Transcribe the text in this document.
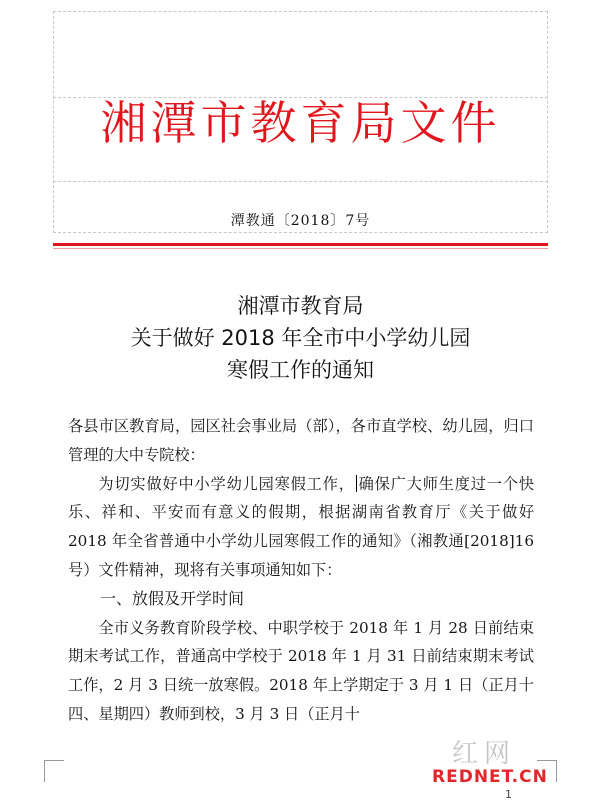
湘潭市教育局文件
潭教通〔2018〕7号
湘潭市教育局
关于做好 2018 年全市中小学幼儿园
寒假工作的通知

各县市区教育局，园区社会事业局（部），各市直学校、幼儿园，归口管理的大中专院校：

为切实做好中小学幼儿园寒假工作， 确保广大师生度过一个快乐、祥和、平安而有意义的假期，根据湖南省教育厅《关于做好 2018 年全省普通中小学幼儿园寒假工作的通知》（湘教通[2018]16 号）文件精神，现将有关事项通知如下：

一、放假及开学时间

全市义务教育阶段学校、中职学校于 2018 年 1 月 28 日前结束期末考试工作，普通高中学校于 2018 年 1 月 31 日前结束期末考试工作，2 月 3 日统一放寒假。2018 年上学期定于 3 月 1 日（正月十四、星期四）教师到校，3 月 3 日（正月十

红网
REDNET.CN
1
